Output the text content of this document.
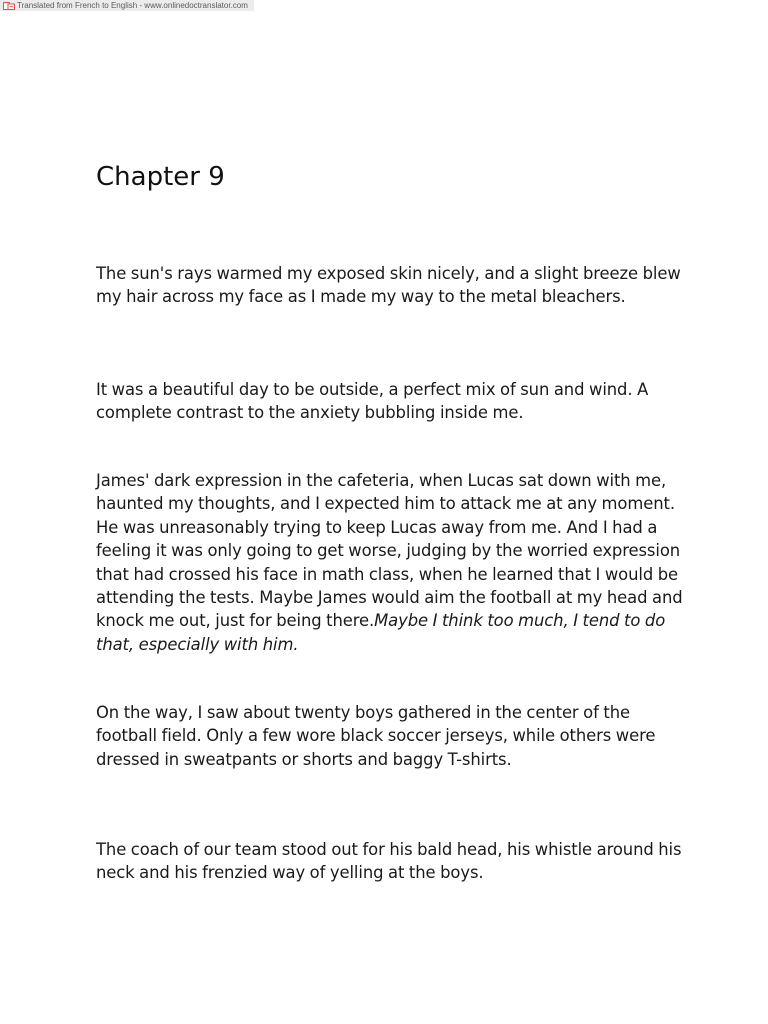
Translated from French to English - www.onlinedoctranslator.com
Chapter 9

The sun's rays warmed my exposed skin nicely, and a slight breeze blew my hair across my face as I made my way to the metal bleachers.

It was a beautiful day to be outside, a perfect mix of sun and wind. A complete contrast to the anxiety bubbling inside me.

James' dark expression in the cafeteria, when Lucas sat down with me, haunted my thoughts, and I expected him to attack me at any moment. He was unreasonably trying to keep Lucas away from me. And I had a feeling it was only going to get worse, judging by the worried expression that had crossed his face in math class, when he learned that I would be attending the tests. Maybe James would aim the football at my head and knock me out, just for being there.Maybe I think too much, I tend to do that, especially with him.

On the way, I saw about twenty boys gathered in the center of the football field. Only a few wore black soccer jerseys, while others were dressed in sweatpants or shorts and baggy T-shirts.

The coach of our team stood out for his bald head, his whistle around his neck and his frenzied way of yelling at the boys.
